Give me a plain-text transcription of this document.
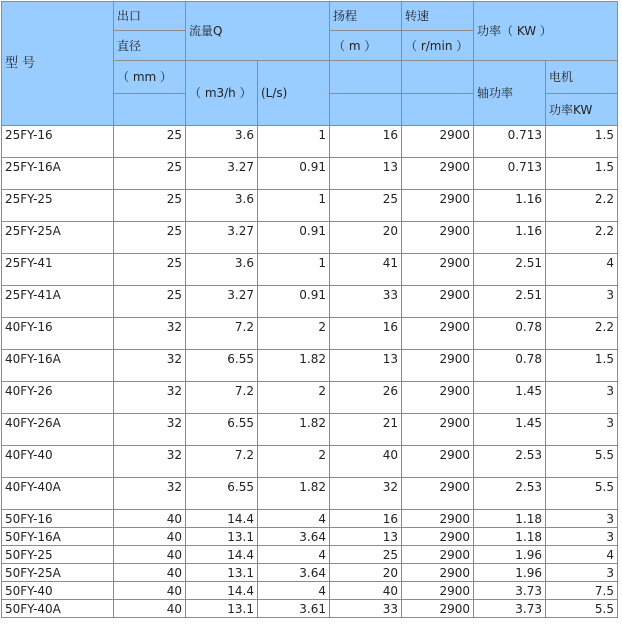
型 号	出口	流量Q		扬程	转速	功率（ KW ）	
	直径			（ m ）	（ r/min ）		
	（ mm ）	（ m3/h ）	(L/s)			轴功率	电机
							功率KW
25FY-16	25	3.6	1	16	2900	0.713	1.5
25FY-16A	25	3.27	0.91	13	2900	0.713	1.5
25FY-25	25	3.6	1	25	2900	1.16	2.2
25FY-25A	25	3.27	0.91	20	2900	1.16	2.2
25FY-41	25	3.6	1	41	2900	2.51	4
25FY-41A	25	3.27	0.91	33	2900	2.51	3
40FY-16	32	7.2	2	16	2900	0.78	2.2
40FY-16A	32	6.55	1.82	13	2900	0.78	1.5
40FY-26	32	7.2	2	26	2900	1.45	3
40FY-26A	32	6.55	1.82	21	2900	1.45	3
40FY-40	32	7.2	2	40	2900	2.53	5.5
40FY-40A	32	6.55	1.82	32	2900	2.53	5.5
50FY-16	40	14.4	4	16	2900	1.18	3
50FY-16A	40	13.1	3.64	13	2900	1.18	3
50FY-25	40	14.4	4	25	2900	1.96	4
50FY-25A	40	13.1	3.64	20	2900	1.96	3
50FY-40	40	14.4	4	40	2900	3.73	7.5
50FY-40A	40	13.1	3.61	33	2900	3.73	5.5
